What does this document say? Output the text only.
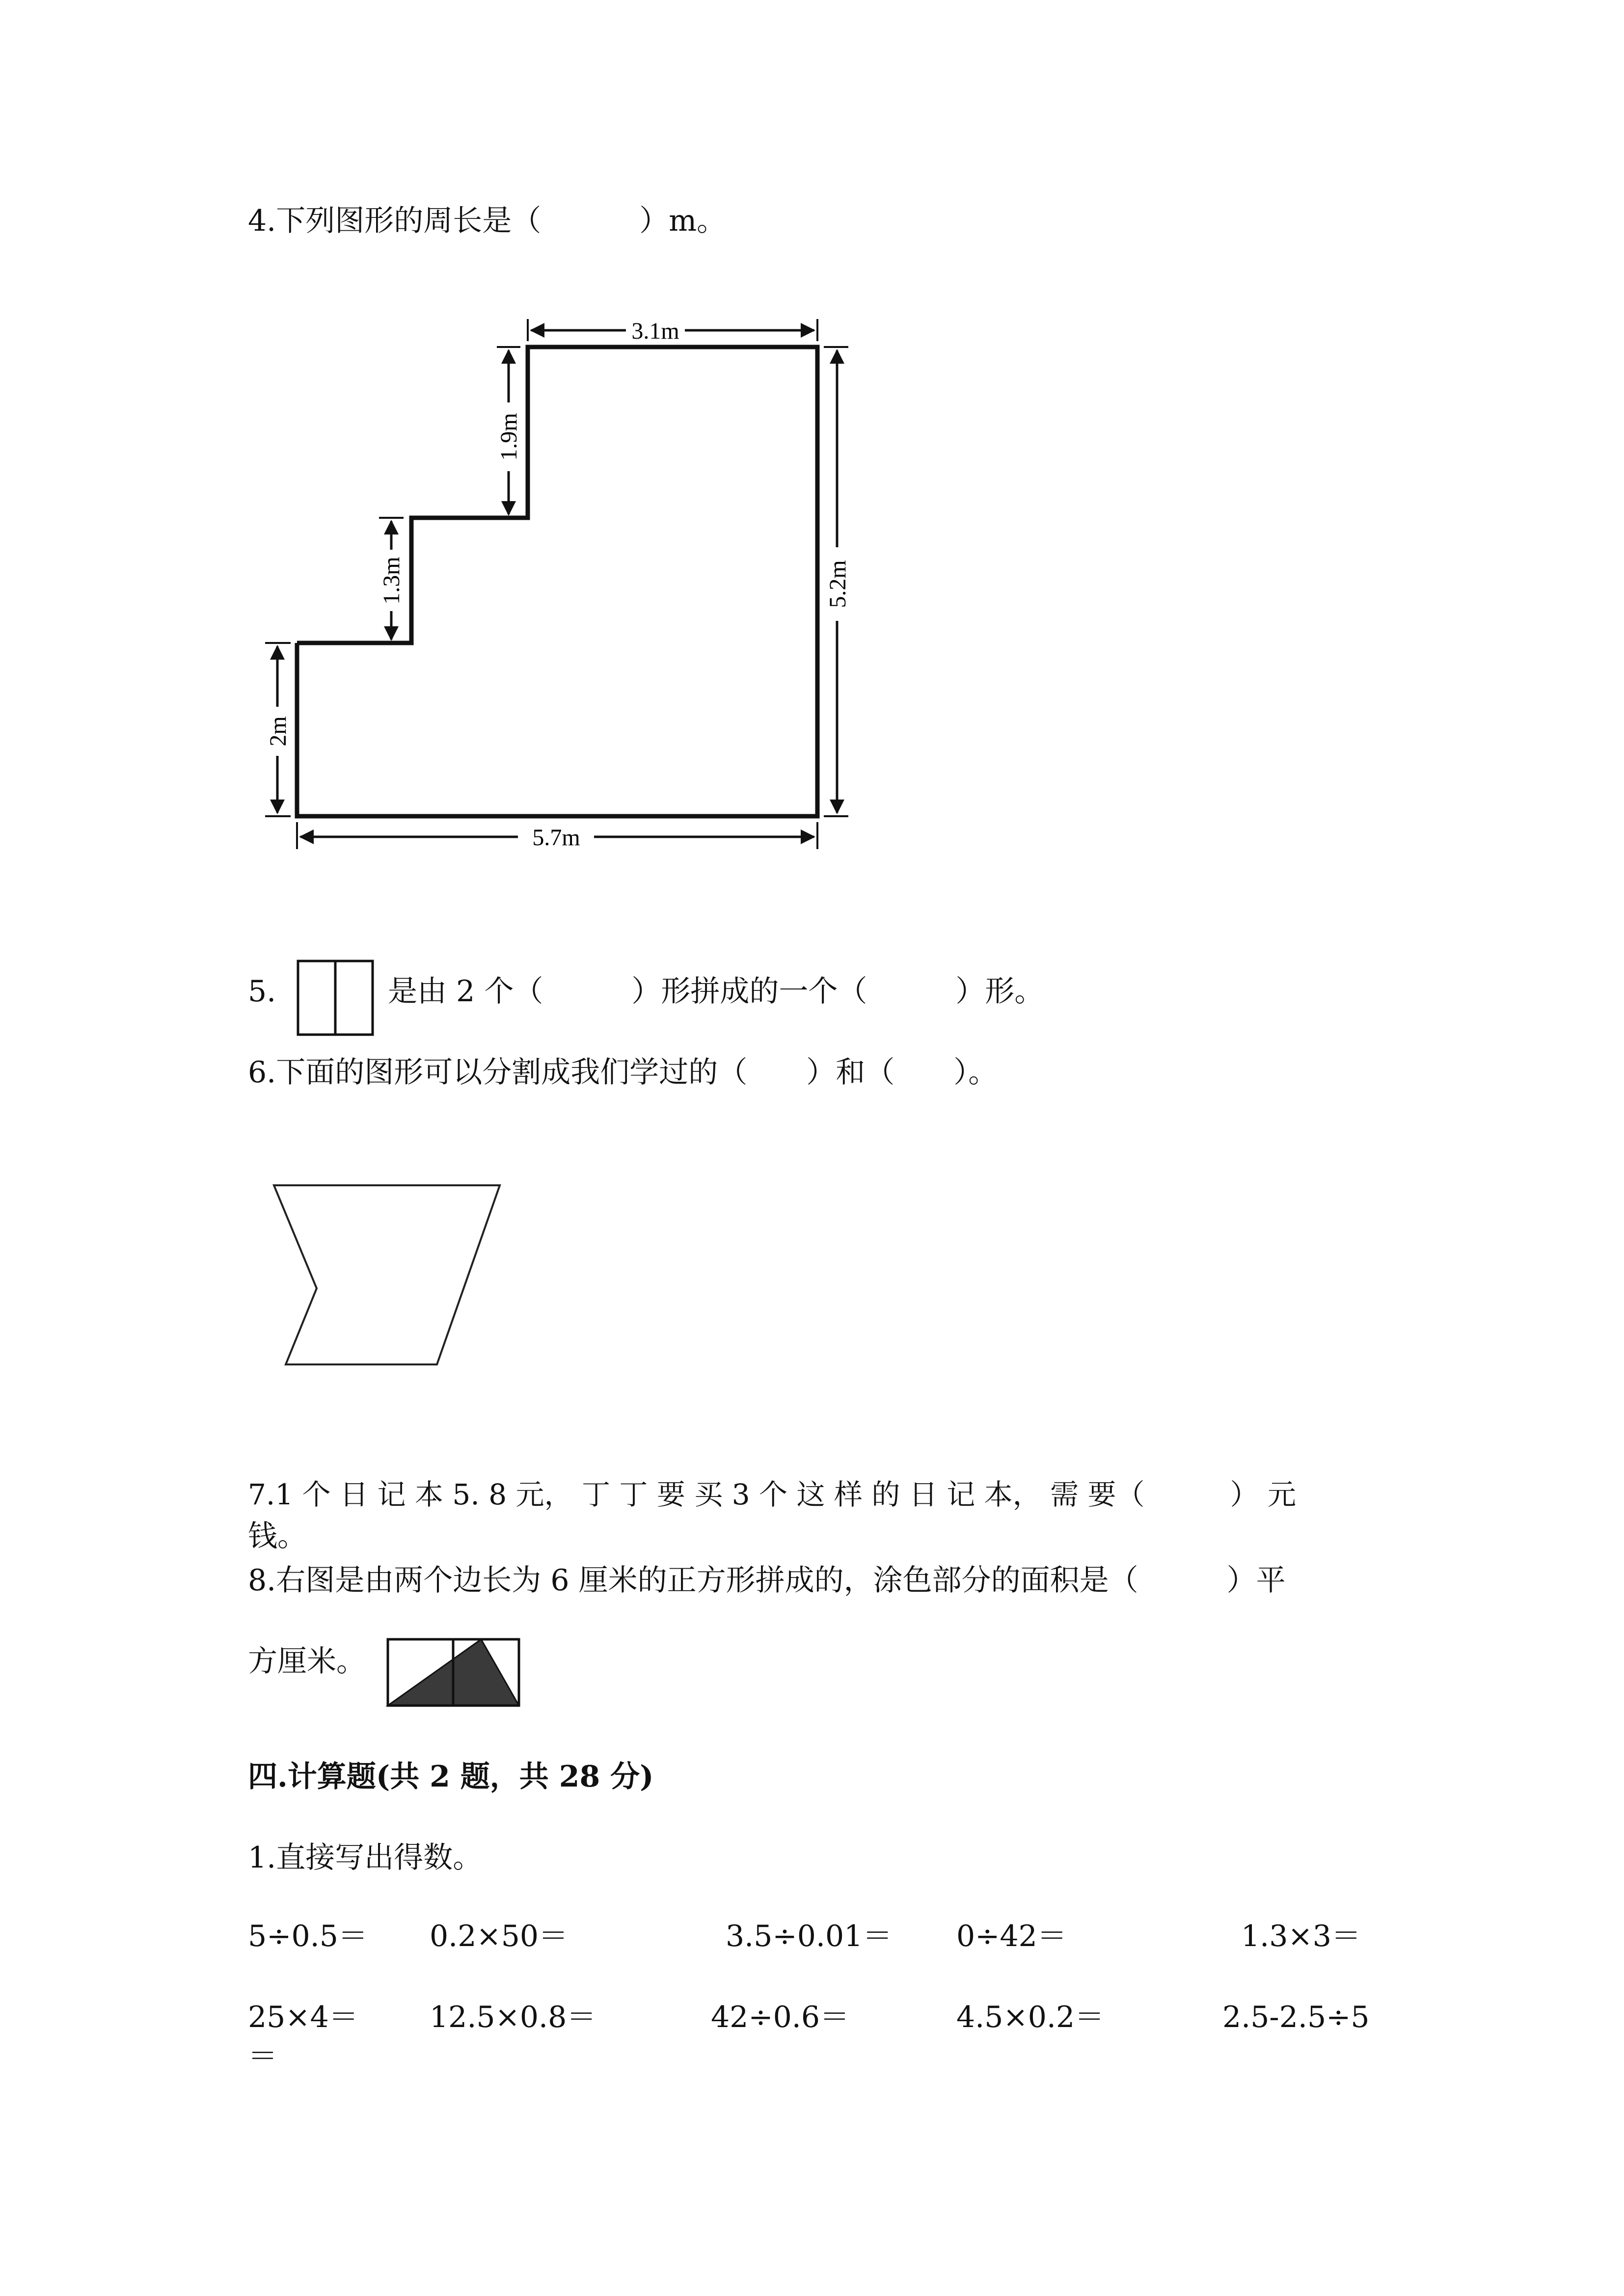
4.下列图形的周长是（	）m。
3.1m
1.9m
1.3m	5.2m
2m
5.7m
5.	是由 2 个（　　　）形拼成的一个（　　　）形。
6.下面的图形可以分割成我们学过的（　　）和（　　）。
7.1 个 日 记 本 5. 8 元， 丁 丁 要 买 3 个 这 样 的 日 记 本， 需 要（　　　） 元
钱。
8.右图是由两个边长为 6 厘米的正方形拼成的，涂色部分的面积是（　　　）平
方厘米。
四.计算题(共 2 题，共 28 分)
1.直接写出得数。
5÷0.5＝ 0.2×50＝	3.5÷0.01＝ 0÷42＝	1.3×3＝
25×4＝ 12.5×0.8＝	42÷0.6＝	4.5×0.2＝	2.5-2.5÷5
＝
